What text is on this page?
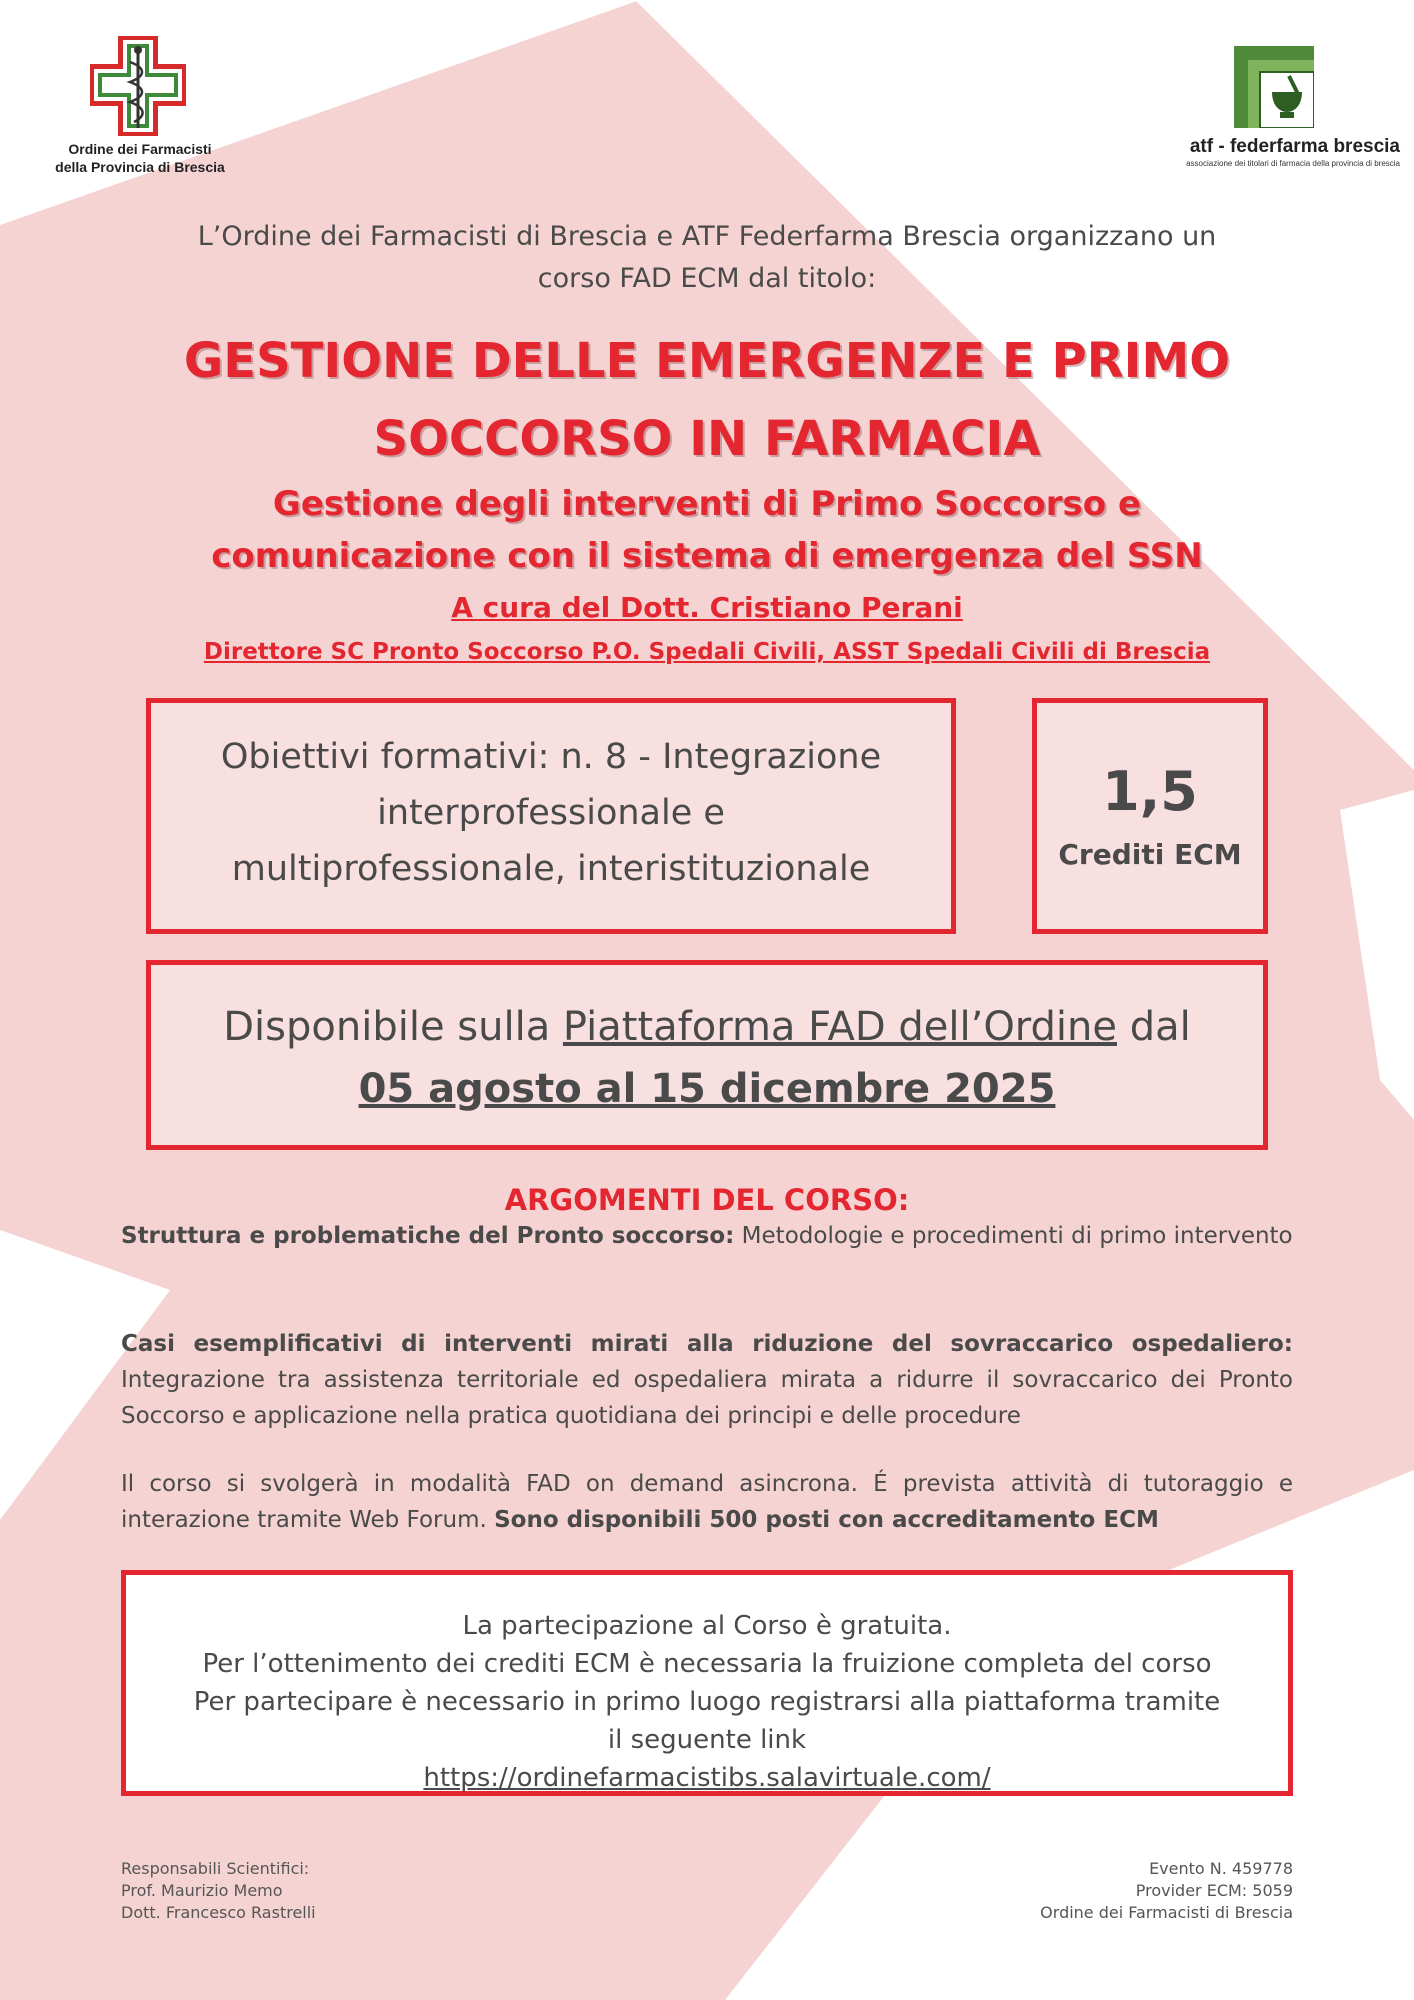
Ordine dei Farmacisti
della Provincia di Brescia
atf - federfarma brescia
associazione dei titolari di farmacia della provincia di brescia
L’Ordine dei Farmacisti di Brescia e ATF Federfarma Brescia organizzano un
corso FAD ECM dal titolo:
GESTIONE DELLE EMERGENZE E PRIMO
SOCCORSO IN FARMACIA
Gestione degli interventi di Primo Soccorso e
comunicazione con il sistema di emergenza del SSN
A cura del Dott. Cristiano Perani
Direttore SC Pronto Soccorso P.O. Spedali Civili, ASST Spedali Civili di Brescia
Obiettivi formativi: n. 8 - Integrazione
interprofessionale e
multiprofessionale, interistituzionale
1,5
Crediti ECM
Disponibile sulla Piattaforma FAD dell’Ordine dal
05 agosto al 15 dicembre 2025
ARGOMENTI DEL CORSO:
Struttura e problematiche del Pronto soccorso: Metodologie e procedimenti di primo intervento
Casi esemplificativi di interventi mirati alla riduzione del sovraccarico ospedaliero: Integrazione tra assistenza territoriale ed ospedaliera mirata a ridurre il sovraccarico dei Pronto Soccorso e applicazione nella pratica quotidiana dei principi e delle procedure
Il corso si svolgerà in modalità FAD on demand asincrona. É prevista attività di tutoraggio e interazione tramite Web Forum. Sono disponibili 500 posti con accreditamento ECM
La partecipazione al Corso è gratuita.
Per l’ottenimento dei crediti ECM è necessaria la fruizione completa del corso
Per partecipare è necessario in primo luogo registrarsi alla piattaforma tramite
il seguente link
https://ordinefarmacistibs.salavirtuale.com/
Responsabili Scientifici:
Prof. Maurizio Memo
Dott. Francesco Rastrelli
Evento N. 459778
Provider ECM: 5059
Ordine dei Farmacisti di Brescia
